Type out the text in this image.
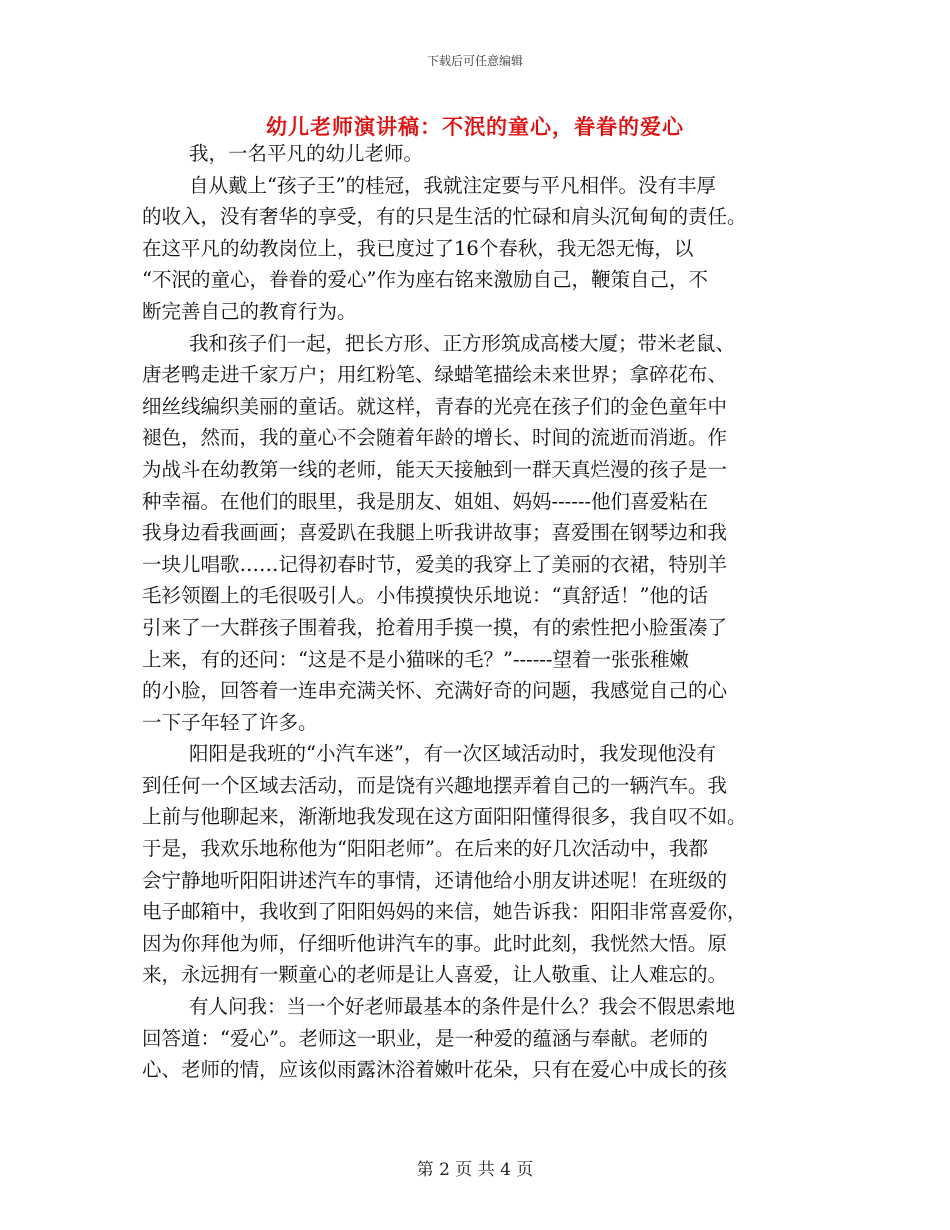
下载后可任意编辑
幼儿老师演讲稿：不泯的童心，眷眷的爱心
我，一名平凡的幼儿老师。
自从戴上“孩子王”的桂冠，我就注定要与平凡相伴。没有丰厚
的收入，没有奢华的享受，有的只是生活的忙碌和肩头沉甸甸的责任。
在这平凡的幼教岗位上，我已度过了16个春秋，我无怨无悔，以
“不泯的童心，眷眷的爱心”作为座右铭来激励自己，鞭策自己，不
断完善自己的教育行为。
我和孩子们一起，把长方形、正方形筑成高楼大厦；带米老鼠、
唐老鸭走进千家万户；用红粉笔、绿蜡笔描绘未来世界；拿碎花布、
细丝线编织美丽的童话。就这样，青春的光亮在孩子们的金色童年中
褪色，然而，我的童心不会随着年龄的增长、时间的流逝而消逝。作
为战斗在幼教第一线的老师，能天天接触到一群天真烂漫的孩子是一
种幸福。在他们的眼里，我是朋友、姐姐、妈妈------他们喜爱粘在
我身边看我画画；喜爱趴在我腿上听我讲故事；喜爱围在钢琴边和我
一块儿唱歌……记得初春时节，爱美的我穿上了美丽的衣裙，特别羊
毛衫领圈上的毛很吸引人。小伟摸摸快乐地说：“真舒适！”他的话
引来了一大群孩子围着我，抢着用手摸一摸，有的索性把小脸蛋凑了
上来，有的还问：“这是不是小猫咪的毛？”------望着一张张稚嫩
的小脸，回答着一连串充满关怀、充满好奇的问题，我感觉自己的心
一下子年轻了许多。
阳阳是我班的“小汽车迷”，有一次区域活动时，我发现他没有
到任何一个区域去活动，而是饶有兴趣地摆弄着自己的一辆汽车。我
上前与他聊起来，渐渐地我发现在这方面阳阳懂得很多，我自叹不如。
于是，我欢乐地称他为“阳阳老师”。在后来的好几次活动中，我都
会宁静地听阳阳讲述汽车的事情，还请他给小朋友讲述呢！在班级的
电子邮箱中，我收到了阳阳妈妈的来信，她告诉我：阳阳非常喜爱你，
因为你拜他为师，仔细听他讲汽车的事。此时此刻，我恍然大悟。原
来，永远拥有一颗童心的老师是让人喜爱，让人敬重、让人难忘的。
有人问我：当一个好老师最基本的条件是什么？我会不假思索地
回答道：“爱心”。老师这一职业，是一种爱的蕴涵与奉献。老师的
心、老师的情，应该似雨露沐浴着嫩叶花朵，只有在爱心中成长的孩
第 2 页 共 4 页
